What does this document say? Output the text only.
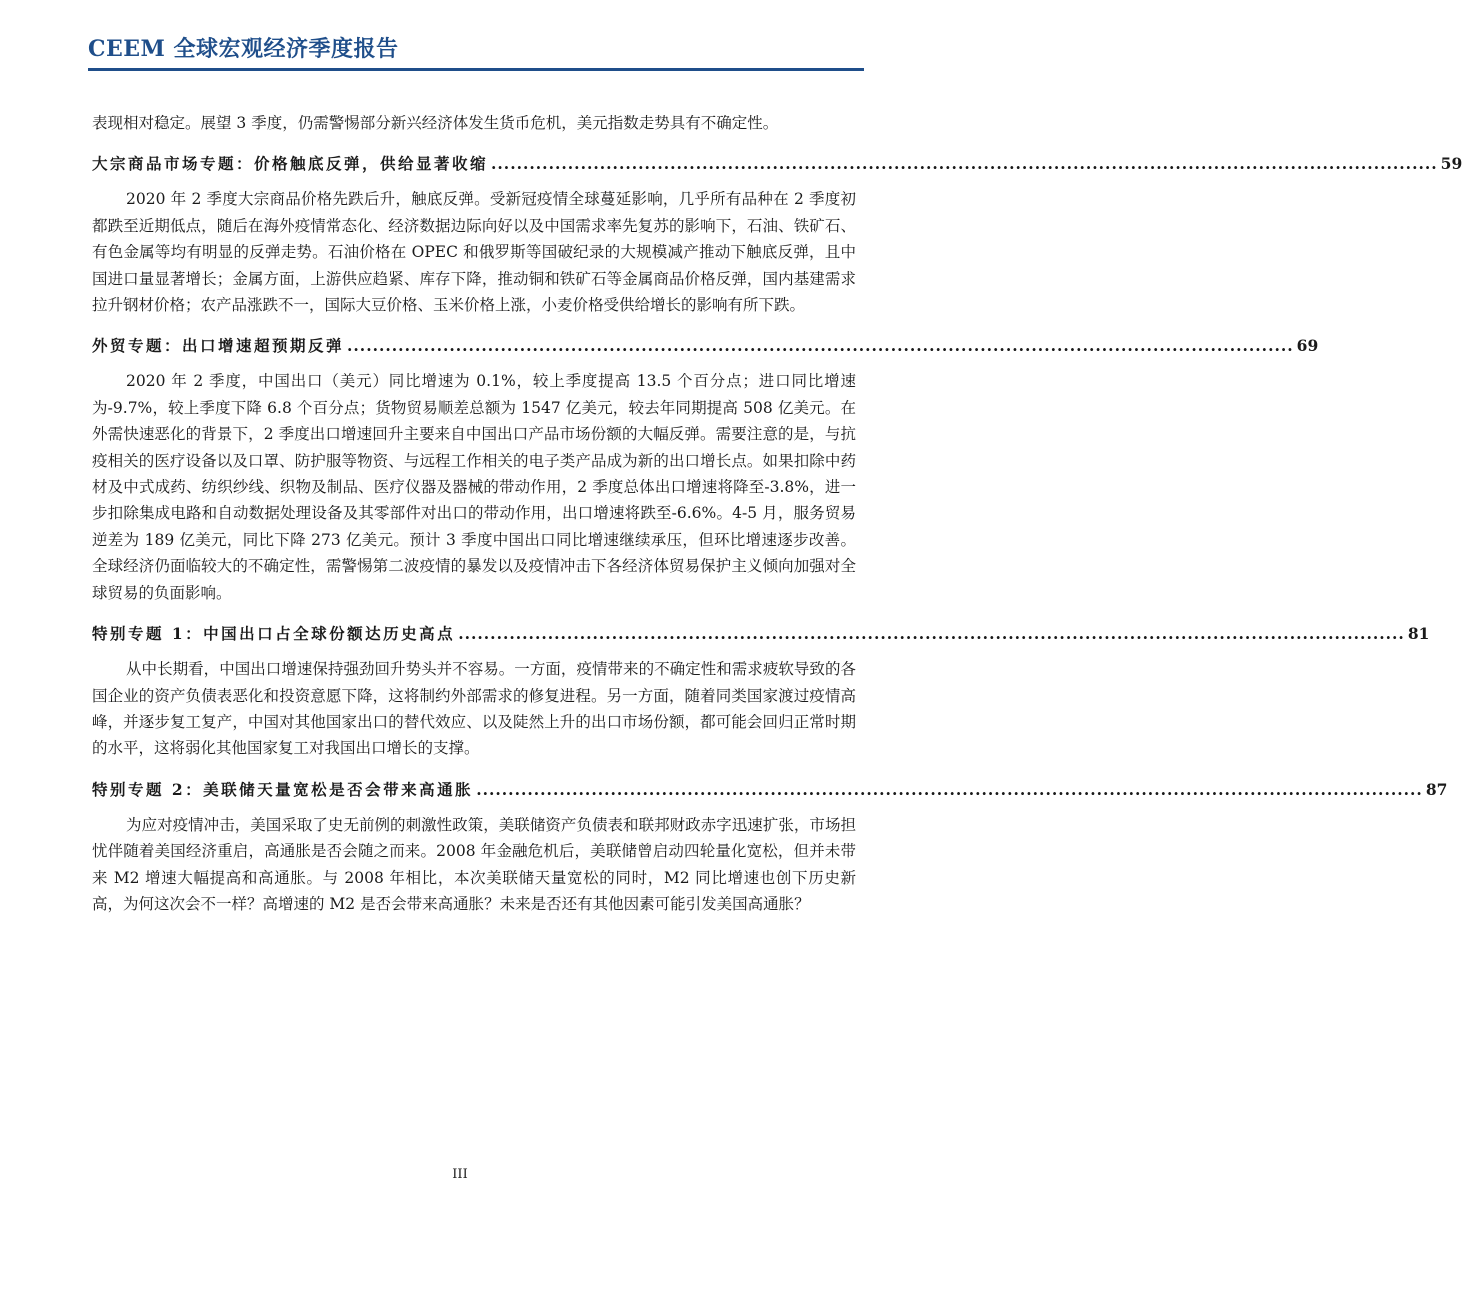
CEEM 全球宏观经济季度报告

表现相对稳定。展望 3 季度，仍需警惕部分新兴经济体发生货币危机，美元指数走势具有不确定性。

大宗商品市场专题：价格触底反弹，供给显著收缩 .................................................................................................................................................... 59

2020 年 2 季度大宗商品价格先跌后升，触底反弹。受新冠疫情全球蔓延影响，几乎所有品种在 2 季度初都跌至近期低点，随后在海外疫情常态化、经济数据边际向好以及中国需求率先复苏的影响下，石油、铁矿石、有色金属等均有明显的反弹走势。石油价格在 OPEC 和俄罗斯等国破纪录的大规模减产推动下触底反弹，且中国进口量显著增长；金属方面，上游供应趋紧、库存下降，推动铜和铁矿石等金属商品价格反弹，国内基建需求拉升钢材价格；农产品涨跌不一，国际大豆价格、玉米价格上涨，小麦价格受供给增长的影响有所下跌。

外贸专题：出口增速超预期反弹 .................................................................................................................................................... 69

2020 年 2 季度，中国出口（美元）同比增速为 0.1%，较上季度提高 13.5 个百分点；进口同比增速为-9.7%，较上季度下降 6.8 个百分点；货物贸易顺差总额为 1547 亿美元，较去年同期提高 508 亿美元。在外需快速恶化的背景下，2 季度出口增速回升主要来自中国出口产品市场份额的大幅反弹。需要注意的是，与抗疫相关的医疗设备以及口罩、防护服等物资、与远程工作相关的电子类产品成为新的出口增长点。如果扣除中药材及中式成药、纺织纱线、织物及制品、医疗仪器及器械的带动作用，2 季度总体出口增速将降至-3.8%，进一步扣除集成电路和自动数据处理设备及其零部件对出口的带动作用，出口增速将跌至-6.6%。4-5 月，服务贸易逆差为 189 亿美元，同比下降 273 亿美元。预计 3 季度中国出口同比增速继续承压，但环比增速逐步改善。全球经济仍面临较大的不确定性，需警惕第二波疫情的暴发以及疫情冲击下各经济体贸易保护主义倾向加强对全球贸易的负面影响。

特别专题 1：中国出口占全球份额达历史高点 .................................................................................................................................................... 81

从中长期看，中国出口增速保持强劲回升势头并不容易。一方面，疫情带来的不确定性和需求疲软导致的各国企业的资产负债表恶化和投资意愿下降，这将制约外部需求的修复进程。另一方面，随着同类国家渡过疫情高峰，并逐步复工复产，中国对其他国家出口的替代效应、以及陡然上升的出口市场份额，都可能会回归正常时期的水平，这将弱化其他国家复工对我国出口增长的支撑。

特别专题 2：美联储天量宽松是否会带来高通胀 .................................................................................................................................................... 87

为应对疫情冲击，美国采取了史无前例的刺激性政策，美联储资产负债表和联邦财政赤字迅速扩张，市场担忧伴随着美国经济重启，高通胀是否会随之而来。2008 年金融危机后，美联储曾启动四轮量化宽松，但并未带来 M2 增速大幅提高和高通胀。与 2008 年相比，本次美联储天量宽松的同时，M2 同比增速也创下历史新高，为何这次会不一样？高增速的 M2 是否会带来高通胀？未来是否还有其他因素可能引发美国高通胀？

III
